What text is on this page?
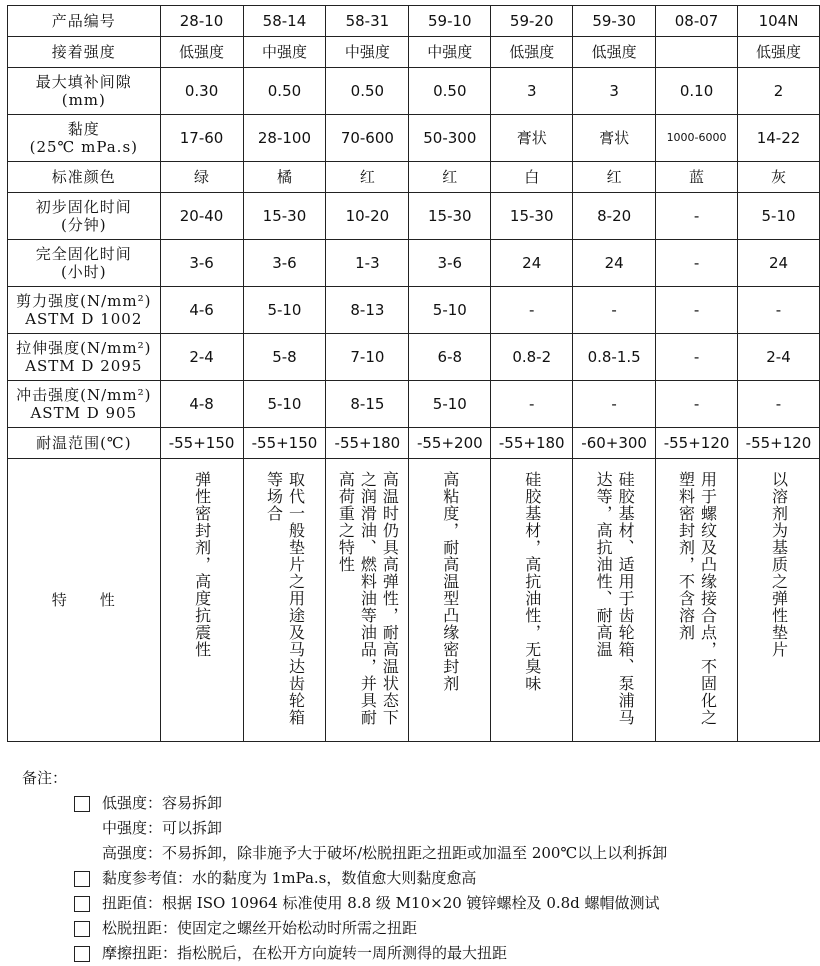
产品编号	28-10	58-14	58-31	59-10	59-20	59-30	08-07	104N

接着强度	低强度	中强度	中强度	中强度	低强度	低强度		低强度

最大填补间隙
(mm)	0.30	0.50	0.50	0.50	3	3	0.10	2

黏度
(25℃ mPa.s)	17-60	28-100	70-600	50-300	膏状	膏状	1000-6000	14-22

标准颜色	绿	橘	红	红	白	红	蓝	灰

初步固化时间
(分钟)	20-40	15-30	10-20	15-30	15-30	8-20	-	5-10

完全固化时间
(小时)	3-6	3-6	1-3	3-6	24	24	-	24

剪力强度(N/mm²)
ASTM D 1002	4-6	5-10	8-13	5-10	-	-	-	-

拉伸强度(N/mm²)
ASTM D 2095	2-4	5-8	7-10	6-8	0.8-2	0.8-1.5	-	2-4

冲击强度(N/mm²)
ASTM D 905	4-8	5-10	8-15	5-10	-	-	-	-

耐温范围(℃)	-55+150	-55+150	-55+180	-55+200	-55+180	-60+300	-55+120	-55+120
特　　性	弹性密封剂，高度抗震性	取代一般垫片之用途及马达齿轮箱等场合	高温时仍具高弹性，耐高温状态下之润滑油、燃料油等油品，并具耐高荷重之特性	高粘度，耐高温型凸缘密封剂	硅胶基材，高抗油性，无臭味	硅胶基材、适用于齿轮箱、泵浦马达等，高抗油性、耐高温	用于螺纹及凸缘接合点，不固化之塑料密封剂，不含溶剂	以溶剂为基质之弹性垫片
备注：
低强度：容易拆卸
中强度：可以拆卸
高强度：不易拆卸，除非施予大于破坏/松脱扭距之扭距或加温至 200℃以上以利拆卸
黏度参考值：水的黏度为 1mPa.s，数值愈大则黏度愈高
扭距值：根据 ISO 10964 标准使用 8.8 级 M10×20 镀锌螺栓及 0.8d 螺帽做测试
松脱扭距：使固定之螺丝开始松动时所需之扭距
摩擦扭距：指松脱后，在松开方向旋转一周所测得的最大扭距
